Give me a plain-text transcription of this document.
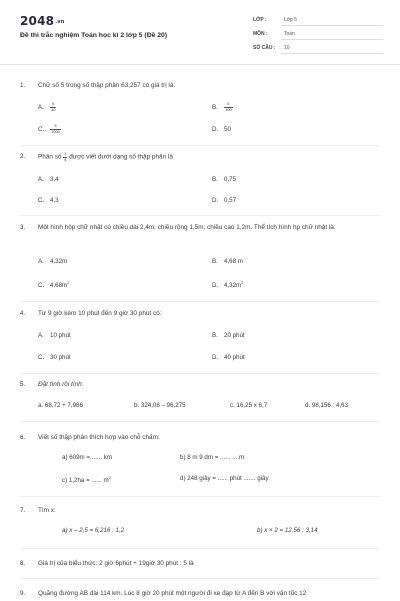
2048.vn
Đề thi trắc nghiệm Toán học kì 2 lớp 5 (Đề 20)
LỚP :	Lớp 5
MÔN :	Toán
SỐ CÂU : 10
1. Chữ số 5 trong số thập phân 63,257 có giá trị là:
A. $\frac{5}{10}$	B. $\frac{5}{100}$
C. $\frac{5}{1000}$	D. 50
2. Phân số $\frac{3}{4}$ được viết dưới dạng số thập phân là
A. 3,4	B. 0,75
C. 4,3	D. 0,57
3. Một hình hộp chữ nhật có chiều dài 2,4m; chiều rộng 1,5m; chiều cao 1,2m. Thể tích hình hp chữ nhật là:
A. 4,32m	B. 4,68 m
C. $4,68m^2$	D. $4,32m^2$
4. Từ 9 giờ kém 10 phút đến 9 giờ 30 phút có:
A. 10 phút	B. 20 phút
C. 30 phút	D. 40 phút
5. Đặt tính rồi tính:
a. 68,72 + 7,986	b. 324,08 – 96,275	c. 16,25 x 6,7	d. 98,156 : 4,63
6. Viết số thập phân thích hợp vào chỗ chấm:
a) 609m = ...... km	b) 8 m 9 dm = ...... ... m
c) 1,2ha = ...... $m^2$	d) 248 giây = ...... phút ....... giây
7. Tìm x:
a) x – 2,5 = 6,216 : 1,2	b) x × 2 = 12,56 : 3,14
8. Giá trị của biểu thức: 2 giờ 6phút + 19giờ 30 phút : 5 là
9. Quãng đường AB dài 114 km. Lúc 8 giờ 20 phút một người đi xe đạp từ A đến B với vận tốc 12
